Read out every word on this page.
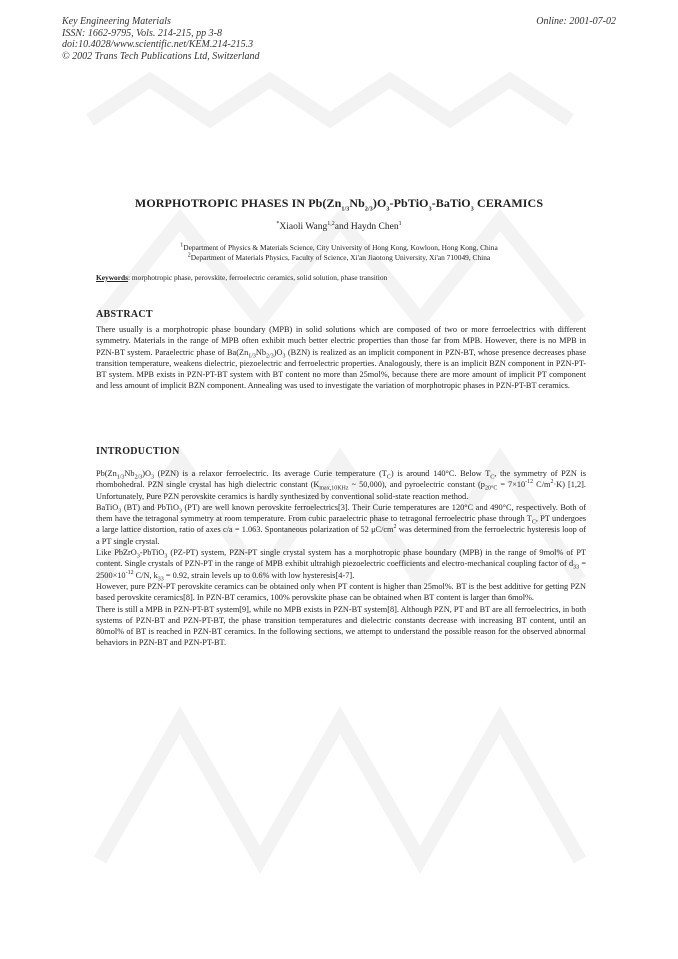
Key Engineering Materials
ISSN: 1662-9795, Vols. 214-215, pp 3-8
doi:10.4028/www.scientific.net/KEM.214-215.3
© 2002 Trans Tech Publications Ltd, Switzerland
Online: 2001-07-02
MORPHOTROPIC PHASES IN $Pb(Zn_{1/3}Nb_{2/3})O_3-PbTiO_3-BaTiO_3$ CERAMICS
*Xiaoli Wang$^{1,2}$and Haydn Chen$^1$
$^1$Department of Physics & Materials Science, City University of Hong Kong, Kowloon, Hong Kong, China
$^2$Department of Materials Physics, Faculty of Science, Xi'an Jiaotong University, Xi'an 710049, China
Keywords: morphotropic phase, perovskite, ferroelectric ceramics, solid solution, phase transition
ABSTRACT

There usually is a morphotropic phase boundary (MPB) in solid solutions which are composed of two or more ferroelectrics with different symmetry. Materials in the range of MPB often exhibit much better electric properties than those far from MPB. However, there is no MPB in PZN-BT system. Paraelectric phase of $Ba(Zn_{1/3}Nb_{2/3})O_3$ (BZN) is realized as an implicit component in PZN-BT, whose presence decreases phase transition temperature, weakens dielectric, piezoelectric and ferroelectric properties. Analogously, there is an implicit BZN component in PZN-PT-BT system. MPB exists in PZN-PT-BT system with BT content no more than 25mol%, because there are more amount of implicit PT component and less amount of implicit BZN component. Annealing was used to investigate the variation of morphotropic phases in PZN-PT-BT ceramics.

INTRODUCTION

$Pb(Zn_{1/3}Nb_{2/3})O_3$ (PZN) is a relaxor ferroelectric. Its average Curie temperature $(T_C)$ is around 140°C. Below $T_C$, the symmetry of PZN is rhombohedral. PZN single crystal has high dielectric constant ($K_{max,10KHz}$ ~ 50,000), and pyroelectric constant ($p_{20^\circ C} = 7\times 10^{-12}$ $C/m^2\cdot K$) [1,2]. Unfortunately, Pure PZN perovskite ceramics is hardly synthesized by conventional solid-state reaction method.

BaTiO$_3$ (BT) and PbTiO$_3$ (PT) are well known perovskite ferroelectrics[3]. Their Curie temperatures are 120°C and 490°C, respectively. Both of them have the tetragonal symmetry at room temperature. From cubic paraelectric phase to tetragonal ferroelectric phase through $T_C$, PT undergoes a large lattice distortion, ratio of axes c/a = 1.063. Spontaneous polarization of 52 $\mu C/cm^2$ was determined from the ferroelectric hysteresis loop of a PT single crystal.

Like PbZrO$_3$-PbTiO$_3$ (PZ-PT) system, PZN-PT single crystal system has a morphotropic phase boundary (MPB) in the range of 9mol% of PT content. Single crystals of PZN-PT in the range of MPB exhibit ultrahigh piezoelectric coefficients and electro-mechanical coupling factor of $d_{33} = 2500\times 10^{-12}$ C/N, $k_{33} = 0.92$, strain levels up to 0.6% with low hysteresis[4-7].

However, pure PZN-PT perovskite ceramics can be obtained only when PT content is higher than 25mol%. BT is the best additive for getting PZN based perovskite ceramics[8]. In PZN-BT ceramics, 100% perovskite phase can be obtained when BT content is larger than 6mol%.

There is still a MPB in PZN-PT-BT system[9], while no MPB exists in PZN-BT system[8]. Although PZN, PT and BT are all ferroelectrics, in both systems of PZN-BT and PZN-PT-BT, the phase transition temperatures and dielectric constants decrease with increasing BT content, until an 80mol% of BT is reached in PZN-BT ceramics. In the following sections, we attempt to understand the possible reason for the observed abnormal behaviors in PZN-BT and PZN-PT-BT.
